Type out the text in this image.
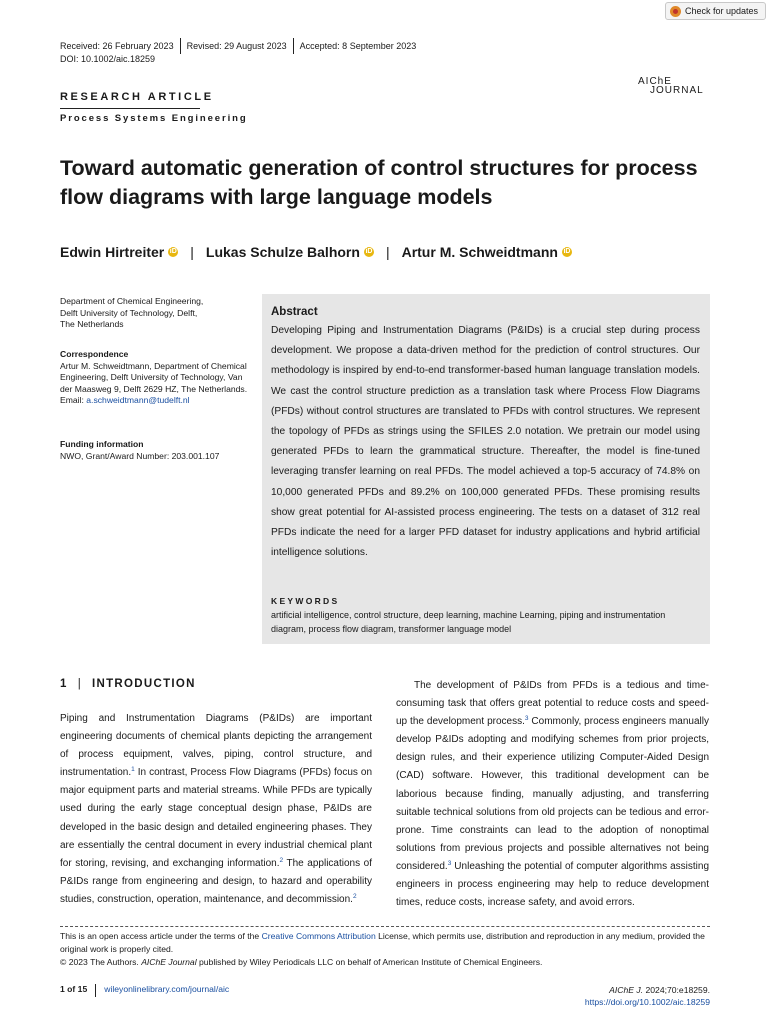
Received: 26 February 2023 Revised: 29 August 2023 Accepted: 8 September 2023
DOI: 10.1002/aic.18259
Check for updates
AIChE
JOURNAL
RESEARCH ARTICLE
Process Systems Engineering
Toward automatic generation of control structures for process flow diagrams with large language models
Edwin Hirtreiter iD | Lukas Schulze Balhorn iD | Artur M. Schweidtmann iD
Department of Chemical Engineering,
Delft University of Technology, Delft,
The Netherlands
Correspondence
Artur M. Schweidtmann, Department of Chemical Engineering, Delft University of Technology, Van der Maasweg 9, Delft 2629 HZ, The Netherlands.
Email: a.schweidtmann@tudelft.nl
Funding information
NWO, Grant/Award Number: 203.001.107
Abstract

Developing Piping and Instrumentation Diagrams (P&IDs) is a crucial step during process development. We propose a data-driven method for the prediction of control structures. Our methodology is inspired by end-to-end transformer-based human language translation models. We cast the control structure prediction as a translation task where Process Flow Diagrams (PFDs) without control structures are translated to PFDs with control structures. We represent the topology of PFDs as strings using the SFILES 2.0 notation. We pretrain our model using generated PFDs to learn the grammatical structure. Thereafter, the model is fine-tuned leveraging transfer learning on real PFDs. The model achieved a top-5 accuracy of 74.8% on 10,000 generated PFDs and 89.2% on 100,000 generated PFDs. These promising results show great potential for AI-assisted process engineering. The tests on a dataset of 312 real PFDs indicate the need for a larger PFD dataset for industry applications and hybrid artificial intelligence solutions.

KEYWORDS

artificial intelligence, control structure, deep learning, machine Learning, piping and instrumentation diagram, process flow diagram, transformer language model

1 | INTRODUCTION

Piping and Instrumentation Diagrams (P&IDs) are important engineering documents of chemical plants depicting the arrangement of process equipment, valves, piping, control structure, and instrumentation.$^1$ In contrast, Process Flow Diagrams (PFDs) focus on major equipment parts and material streams. While PFDs are typically used during the early stage conceptual design phase, P&IDs are developed in the basic design and detailed engineering phases. They are essentially the central document in every industrial chemical plant for storing, revising, and exchanging information.$^2$ The applications of P&IDs range from engineering and design, to hazard and operability studies, construction, operation, maintenance, and decommission.$^2$

The development of P&IDs from PFDs is a tedious and time-consuming task that offers great potential to reduce costs and speed-up the development process.$^3$ Commonly, process engineers manually develop P&IDs adopting and modifying schemes from prior projects, design rules, and their experience utilizing Computer-Aided Design (CAD) software. However, this traditional development can be laborious because finding, manually adjusting, and transferring suitable technical solutions from old projects can be tedious and error-prone. Time constraints can lead to the adoption of nonoptimal solutions from previous projects and possible alternatives not being considered.$^3$ Unleashing the potential of computer algorithms assisting engineers in process engineering may help to reduce development times, reduce costs, increase safety, and avoid errors.

This is an open access article under the terms of the Creative Commons Attribution License, which permits use, distribution and reproduction in any medium, provided the original work is properly cited.
© 2023 The Authors. AIChE Journal published by Wiley Periodicals LLC on behalf of American Institute of Chemical Engineers.
1 of 15 wileyonlinelibrary.com/journal/aic	AIChE J. 2024;70:e18259.
https://doi.org/10.1002/aic.18259
